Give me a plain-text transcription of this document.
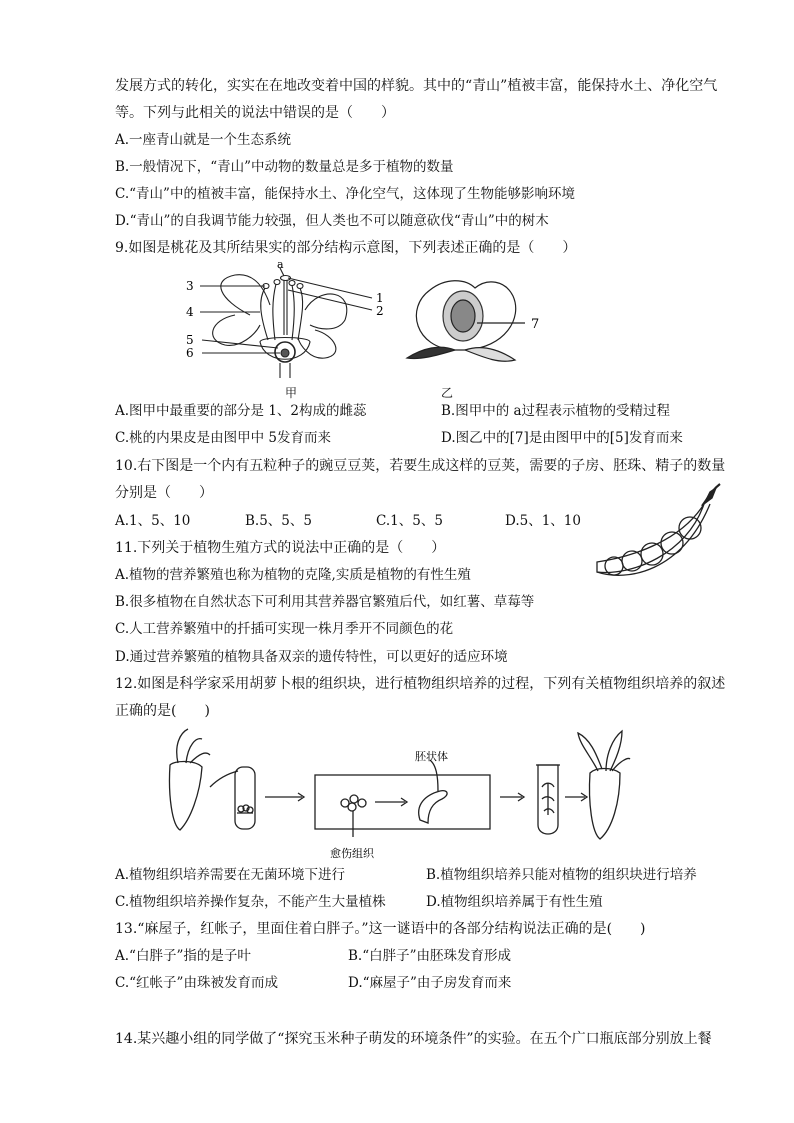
发展方式的转化，实实在在地改变着中国的样貌。其中的“青山”植被丰富，能保持水土、净化空气
等。下列与此相关的说法中错误的是（　　）
A.一座青山就是一个生态系统
B.一般情况下，“青山”中动物的数量总是多于植物的数量
C.“青山”中的植被丰富，能保持水土、净化空气，这体现了生物能够影响环境
D.“青山”的自我调节能力较强，但人类也不可以随意砍伐“青山”中的树木
9.如图是桃花及其所结果实的部分结构示意图，下列表述正确的是（　　）
3
4
5
6
1
2
a
7
甲	乙
A.图甲中最重要的部分是 1、2构成的雌蕊	B.图甲中的 a过程表示植物的受精过程
C.桃的内果皮是由图甲中 5发育而来	D.图乙中的[7]是由图甲中的[5]发育而来
10.右下图是一个内有五粒种子的豌豆豆荚，若要生成这样的豆荚，需要的子房、胚珠、精子的数量
分别是（　　）
A.1、5、10	B.5、5、5	C.1、5、5	D.5、1、10
11.下列关于植物生殖方式的说法中正确的是（　　）
A.植物的营养繁殖也称为植物的克隆,实质是植物的有性生殖
B.很多植物在自然状态下可利用其营养器官繁殖后代，如红薯、草莓等
C.人工营养繁殖中的扦插可实现一株月季开不同颜色的花
D.通过营养繁殖的植物具备双亲的遗传特性，可以更好的适应环境
12.如图是科学家采用胡萝卜根的组织块，进行植物组织培养的过程，下列有关植物组织培养的叙述
正确的是(　　)
胚状体
愈伤组织
A.植物组织培养需要在无菌环境下进行	B.植物组织培养只能对植物的组织块进行培养
C.植物组织培养操作复杂，不能产生大量植株	D.植物组织培养属于有性生殖
13.“麻屋子，红帐子，里面住着白胖子。”这一谜语中的各部分结构说法正确的是(　　)
A.“白胖子”指的是子叶	B.“白胖子”由胚珠发育形成
C.“红帐子”由珠被发育而成	D.“麻屋子”由子房发育而来
14.某兴趣小组的同学做了“探究玉米种子萌发的环境条件”的实验。在五个广口瓶底部分别放上餐
